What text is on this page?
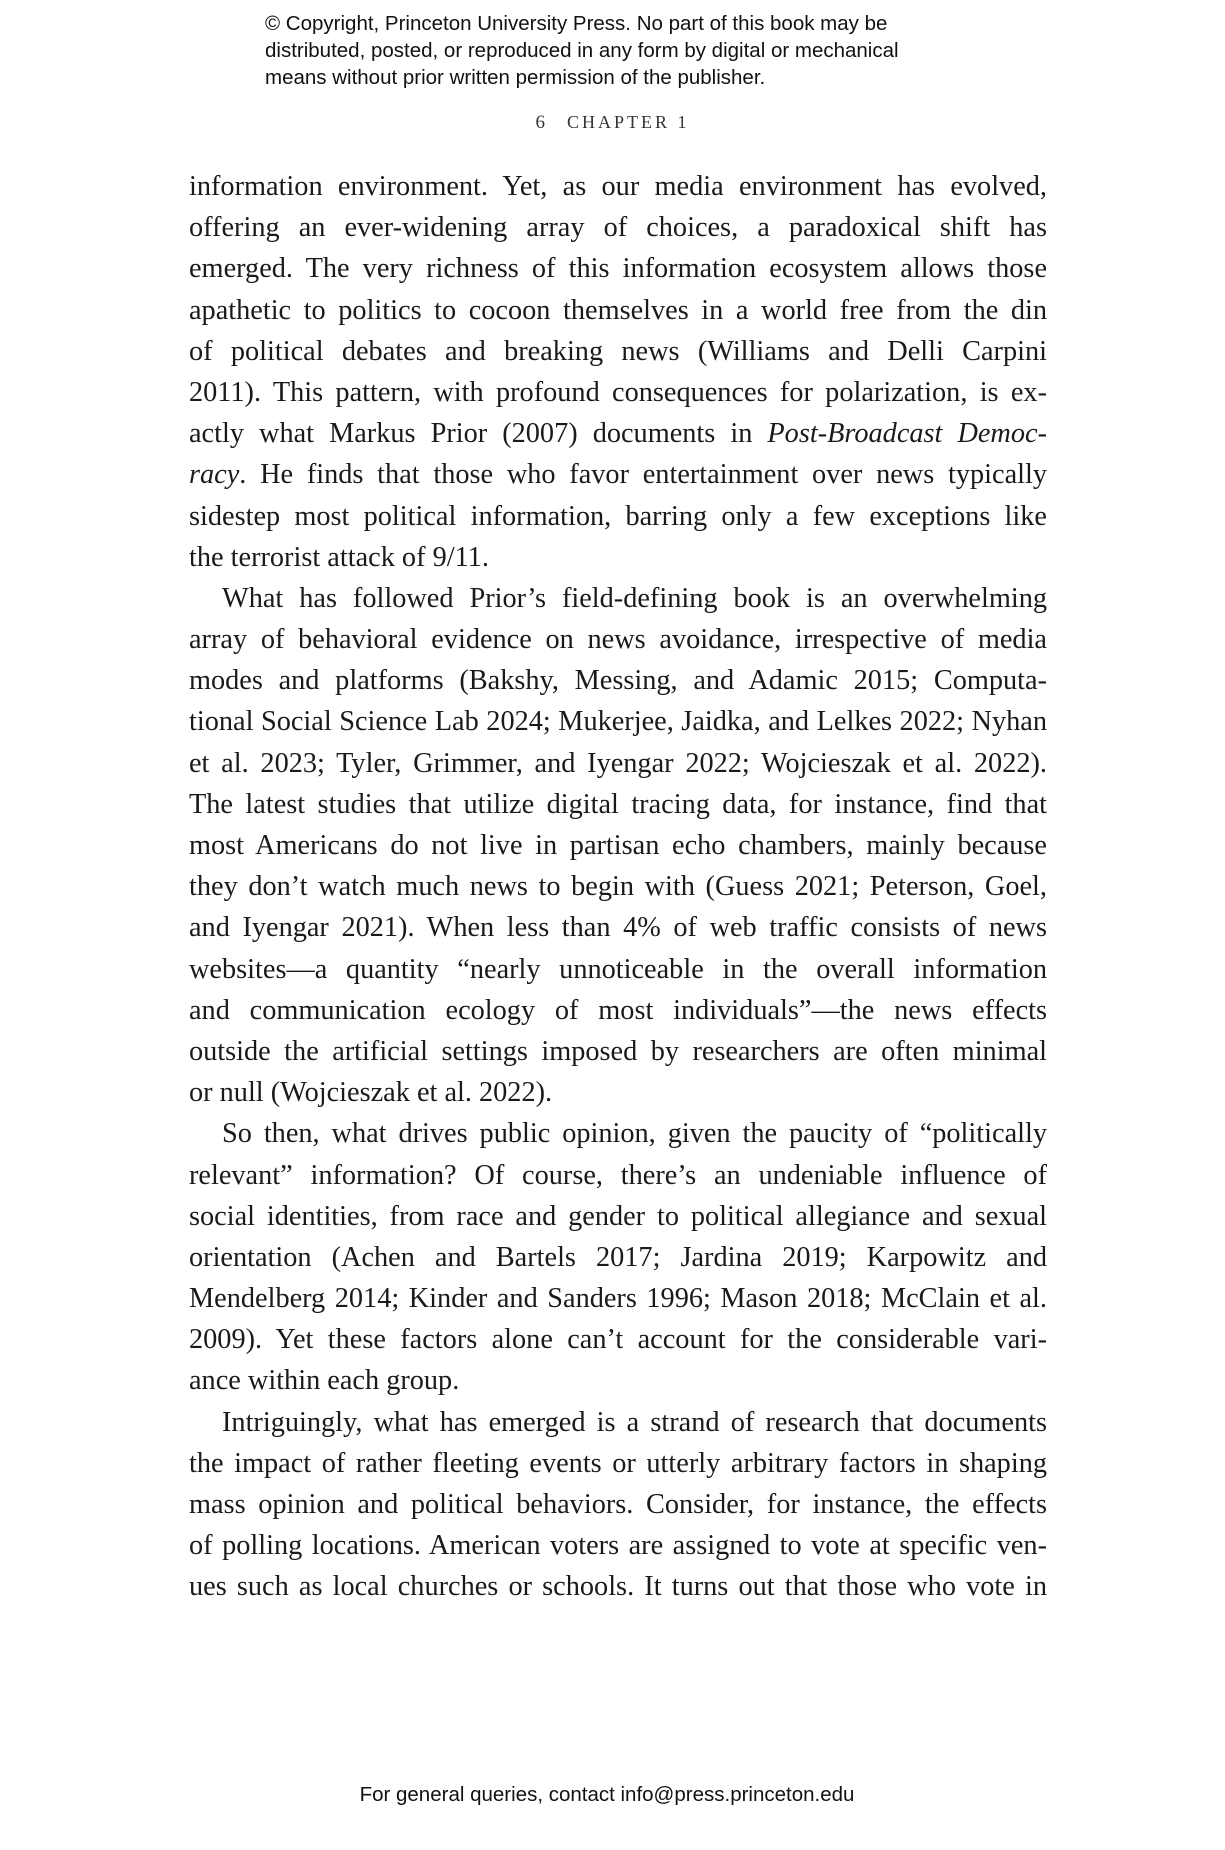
© Copyright, Princeton University Press. No part of this book may be
distributed, posted, or reproduced in any form by digital or mechanical
means without prior written permission of the publisher.
6 CHAPTER 1
information environment. Yet, as our media environment has evolved,
offering an ever-widening array of choices, a paradoxical shift has
emerged. The very richness of this information ecosystem allows those
apathetic to politics to cocoon themselves in a world free from the din
of political debates and breaking news (Williams and Delli Carpini
2011). This pattern, with profound consequences for polarization, is ex-
actly what Markus Prior (2007) documents in Post-Broadcast Democ-
racy. He finds that those who favor entertainment over news typically
sidestep most political information, barring only a few exceptions like
the terrorist attack of 9/11.
What has followed Prior’s field-defining book is an overwhelming
array of behavioral evidence on news avoidance, irrespective of media
modes and platforms (Bakshy, Messing, and Adamic 2015; Computa-
tional Social Science Lab 2024; Mukerjee, Jaidka, and Lelkes 2022; Nyhan
et al. 2023; Tyler, Grimmer, and Iyengar 2022; Wojcieszak et al. 2022).
The latest studies that utilize digital tracing data, for instance, find that
most Americans do not live in partisan echo chambers, mainly because
they don’t watch much news to begin with (Guess 2021; Peterson, Goel,
and Iyengar 2021). When less than 4% of web traffic consists of news
websites—a quantity “nearly unnoticeable in the overall information
and communication ecology of most individuals”—the news effects
outside the artificial settings imposed by researchers are often minimal
or null (Wojcieszak et al. 2022).
So then, what drives public opinion, given the paucity of “politically
relevant” information? Of course, there’s an undeniable influence of
social identities, from race and gender to political allegiance and sexual
orientation (Achen and Bartels 2017; Jardina 2019; Karpowitz and
Mendelberg 2014; Kinder and Sanders 1996; Mason 2018; McClain et al.
2009). Yet these factors alone can’t account for the considerable vari-
ance within each group.
Intriguingly, what has emerged is a strand of research that documents
the impact of rather fleeting events or utterly arbitrary factors in shaping
mass opinion and political behaviors. Consider, for instance, the effects
of polling locations. American voters are assigned to vote at specific ven-
ues such as local churches or schools. It turns out that those who vote in
For general queries, contact info@press.princeton.edu
